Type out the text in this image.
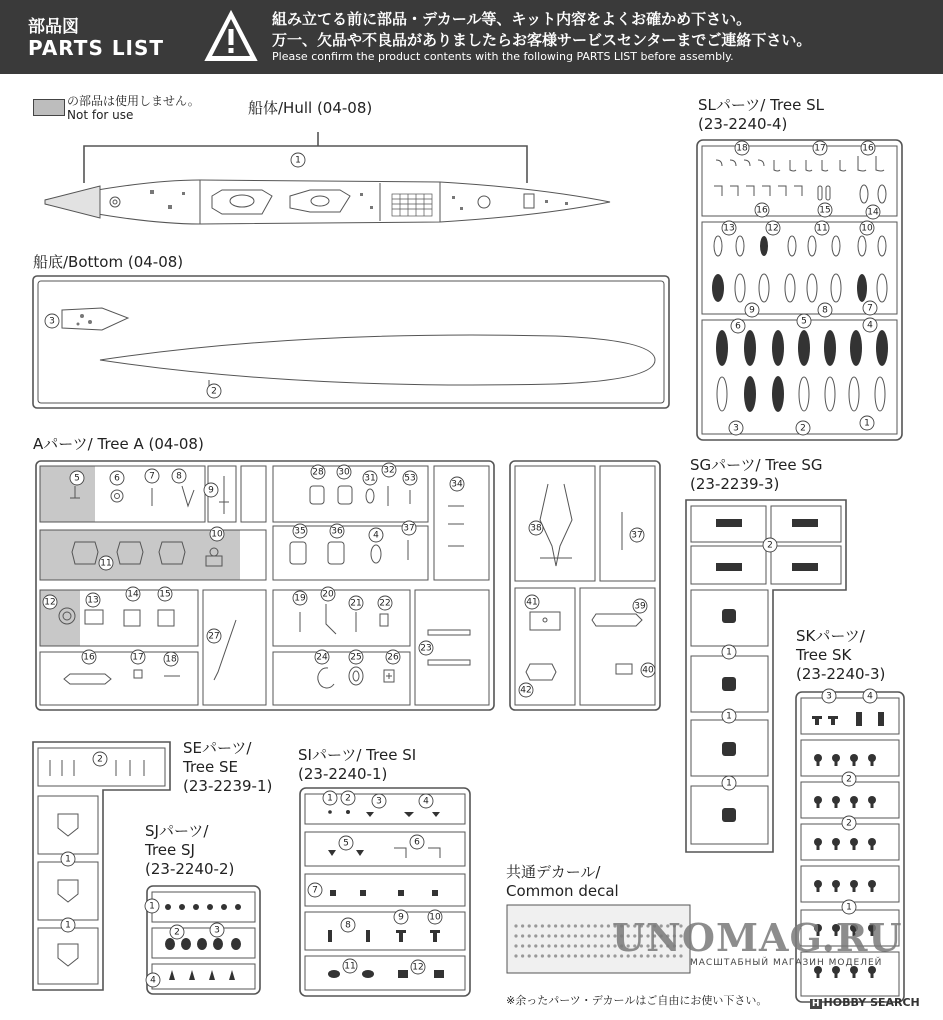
部品図
PARTS LIST
組み立てる前に部品・デカール等、キット内容をよくお確かめ下さい。
万一、欠品や不良品がありましたらお客様サービスセンターまでご連絡下さい。
Please confirm the product contents with the following PARTS LIST before assembly.
の部品は使用しません。
Not for use	船体/Hull (04-08)
船底/Bottom (04-08)
Aパーツ/ Tree A (04-08)
SLパーツ/ Tree SL
(23-2240-4)
SGパーツ/ Tree SG
(23-2239-3)
SKパーツ/
Tree SK
(23-2240-3)
SEパーツ/
Tree SE
(23-2239-1)
SJパーツ/
Tree SJ
(23-2240-2)
SIパーツ/ Tree SI
(23-2240-1)
共通デカール/
Common decal
1
3
2
5	6	7 8
9
10
11
12	13
14 15
16	17 18
19 20
21 22
23
24	25	26
27
28 30
31
32
53
34
35	36	4
37	38
37
41	39
42
40
18	17	16
16	15	14
13	12	11	10
9	8	7
6	5	4
3	2	1
2
1
1
1
3	4
2
2
1
2
1
1
1
2	3
4
1 2	3	4
5	6
7
8
9	10
11	12
※余ったパーツ・デカールはご自由にお使い下さい。
UNOMAG.RU
МАСШТАБНЫЙ МАГАЗИН МОДЕЛЕЙ
H HOBBY SEARCH
